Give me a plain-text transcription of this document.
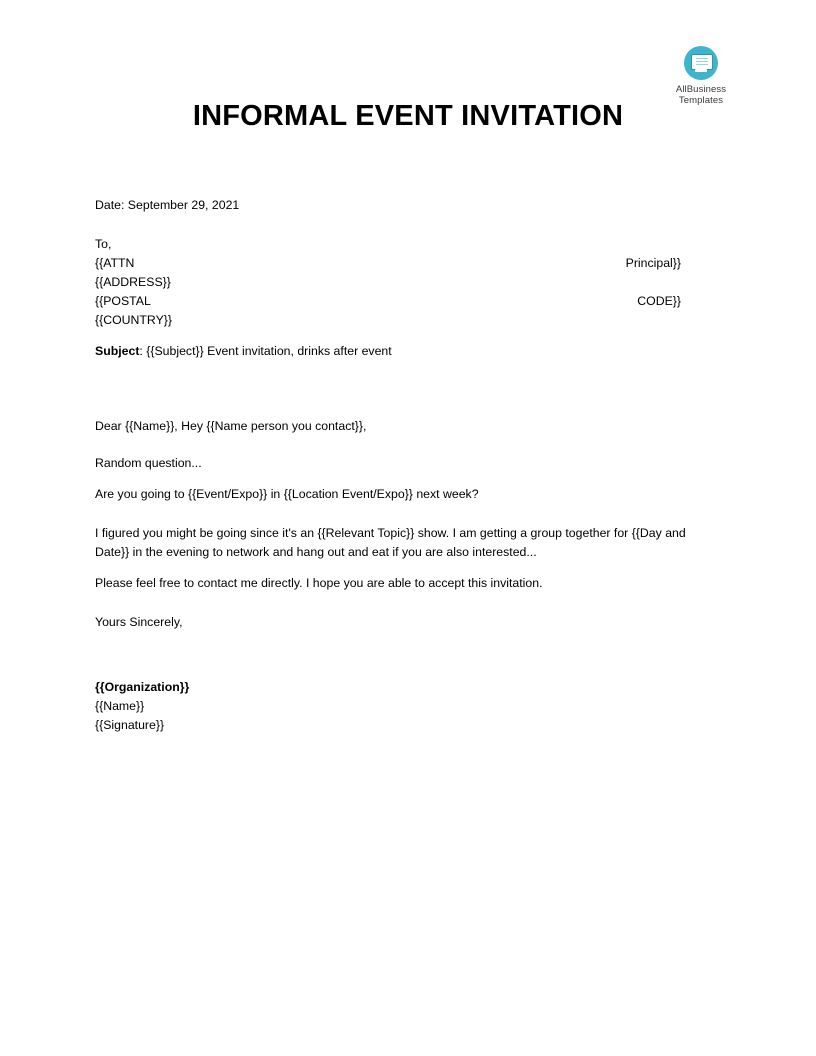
AllBusiness
Templates
INFORMAL EVENT INVITATION
Date: September 29, 2021
To,
{{ATTN	Principal}}
{{ADDRESS}}
{{POSTAL	CODE}}
{{COUNTRY}}
Subject: {{Subject}} Event invitation, drinks after event
Dear {{Name}}, Hey {{Name person you contact}},
Random question...
Are you going to {{Event/Expo}} in {{Location Event/Expo}} next week?
I figured you might be going since it's an {{Relevant Topic}} show. I am getting a group together for {{Day and Date}} in the evening to network and hang out and eat if you are also interested...
Please feel free to contact me directly. I hope you are able to accept this invitation.
Yours Sincerely,
{{Organization}}
{{Name}}
{{Signature}}
